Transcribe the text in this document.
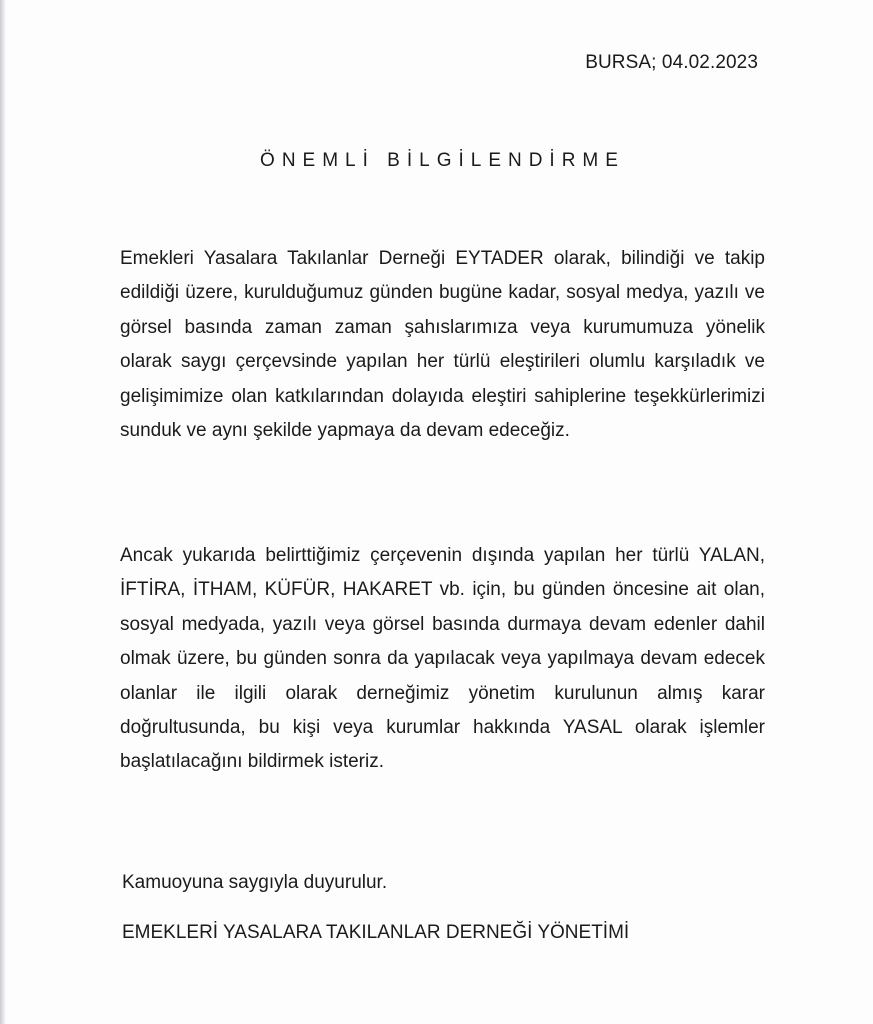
BURSA; 04.02.2023
ÖNEMLİ BİLGİLENDİRME

Emekleri Yasalara Takılanlar Derneği EYTADER olarak, bilindiği ve takip edildiği üzere, kurulduğumuz günden bugüne kadar, sosyal medya, yazılı ve görsel basında zaman zaman şahıslarımıza veya kurumumuza yönelik olarak saygı çerçevsinde yapılan her türlü eleştirileri olumlu karşıladık ve gelişimimize olan katkılarından dolayıda eleştiri sahiplerine teşekkürlerimizi sunduk ve aynı şekilde yapmaya da devam edeceğiz.

Ancak yukarıda belirttiğimiz çerçevenin dışında yapılan her türlü YALAN, İFTİRA, İTHAM, KÜFÜR, HAKARET vb. için, bu günden öncesine ait olan, sosyal medyada, yazılı veya görsel basında durmaya devam edenler dahil olmak üzere, bu günden sonra da yapılacak veya yapılmaya devam edecek olanlar ile ilgili olarak derneğimiz yönetim kurulunun almış karar doğrultusunda, bu kişi veya kurumlar hakkında YASAL olarak işlemler başlatılacağını bildirmek isteriz.

Kamuoyuna saygıyla duyurulur.
EMEKLERİ YASALARA TAKILANLAR DERNEĞİ YÖNETİMİ
